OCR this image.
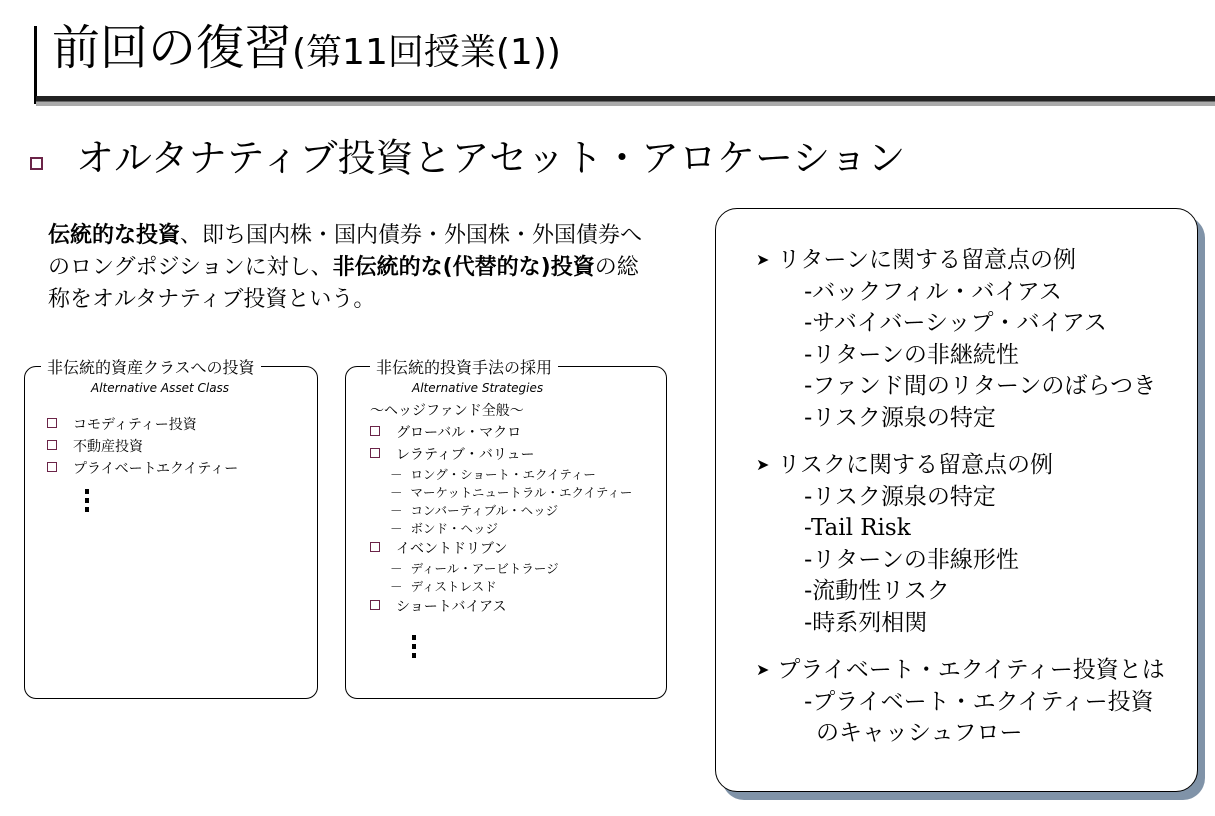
前回の復習(第11回授業(1))
オルタナティブ投資とアセット・アロケーション
伝統的な投資、即ち国内株・国内債券・外国株・外国債券へのロングポジションに対し、非伝統的な(代替的な)投資の総称をオルタナティブ投資という。
非伝統的資産クラスへの投資
Alternative Asset Class
コモディティー投資
不動産投資
プライベートエクイティー
非伝統的投資手法の採用
Alternative Strategies
～ヘッジファンド全般～
グローバル・マクロ
レラティブ・バリュー
－  ロング・ショート・エクイティー
－  マーケットニュートラル・エクイティー
－  コンバーティブル・ヘッジ
－  ボンド・ヘッジ
イベントドリブン
－  ディール・アービトラージ
－  ディストレスド
ショートバイアス
➤ リターンに関する留意点の例
-バックフィル・バイアス
-サバイバーシップ・バイアス
-リターンの非継続性
-ファンド間のリターンのばらつき
-リスク源泉の特定
➤ リスクに関する留意点の例
-リスク源泉の特定
-Tail Risk
-リターンの非線形性
-流動性リスク
-時系列相関
➤ プライベート・エクイティー投資とは
-プライベート・エクイティー投資
のキャッシュフロー
